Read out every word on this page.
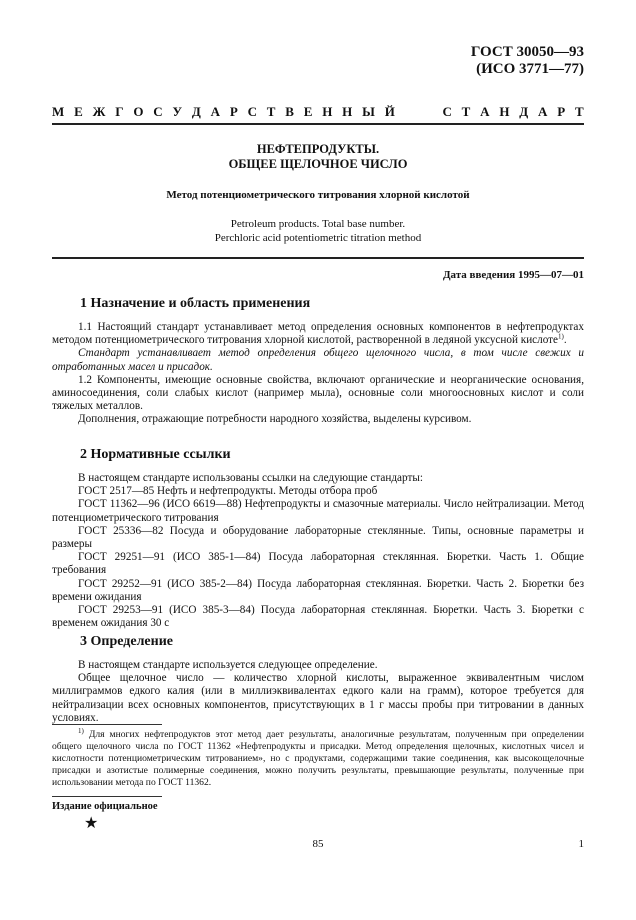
ГОСТ 30050—93
(ИСО 3771—77)
М Е Ж Г О С У Д А Р С Т В Е Н Н Ы Й	С Т А Н Д А Р Т
НЕФТЕПРОДУКТЫ.
ОБЩЕЕ ЩЕЛОЧНОЕ ЧИСЛО
Метод потенциометрического титрования хлорной кислотой
Petroleum products. Total base number.
Perchloric acid potentiometric titration method
Дата введения 1995—07—01
1 Назначение и область применения

1.1 Настоящий стандарт устанавливает метод определения основных компонентов в нефтепродуктах методом потенциометрического титрования хлорной кислотой, растворенной в ледяной уксусной кислоте$^{1)}$.

Стандарт устанавливает метод определения общего щелочного числа, в том числе свежих и отработанных масел и присадок.

1.2 Компоненты, имеющие основные свойства, включают органические и неорганические основания, аминосоединения, соли слабых кислот (например мыла), основные соли многоосновных кислот и соли тяжелых металлов.

Дополнения, отражающие потребности народного хозяйства, выделены курсивом.

2 Нормативные ссылки

В настоящем стандарте использованы ссылки на следующие стандарты:

ГОСТ 2517—85 Нефть и нефтепродукты. Методы отбора проб

ГОСТ 11362—96 (ИСО 6619—88) Нефтепродукты и смазочные материалы. Число нейтрализации. Метод потенциометрического титрования

ГОСТ 25336—82 Посуда и оборудование лабораторные стеклянные. Типы, основные параметры и размеры

ГОСТ 29251—91 (ИСО 385-1—84) Посуда лабораторная стеклянная. Бюретки. Часть 1. Общие требования

ГОСТ 29252—91 (ИСО 385-2—84) Посуда лабораторная стеклянная. Бюретки. Часть 2. Бюретки без времени ожидания

ГОСТ 29253—91 (ИСО 385-3—84) Посуда лабораторная стеклянная. Бюретки. Часть 3. Бюретки с временем ожидания 30 с

3 Определение

В настоящем стандарте используется следующее определение.

Общее щелочное число — количество хлорной кислоты, выраженное эквивалентным числом миллиграммов едкого калия (или в миллиэквивалентах едкого кали на грамм), которое требуется для нейтрализации всех основных компонентов, присутствующих в 1 г массы пробы при титровании в данных условиях.

$^{1)}$ Для многих нефтепродуктов этот метод дает результаты, аналогичные результатам, полученным при определении общего щелочного числа по ГОСТ 11362 «Нефтепродукты и присадки. Метод определения щелочных, кислотных чисел и кислотности потенциометрическим титрованием», но с продуктами, содержащими такие соединения, как высокощелочные присадки и азотистые полимерные соединения, можно получить результаты, превышающие результаты, полученные при использовании метода по ГОСТ 11362.
Издание официальное
★
85	1
